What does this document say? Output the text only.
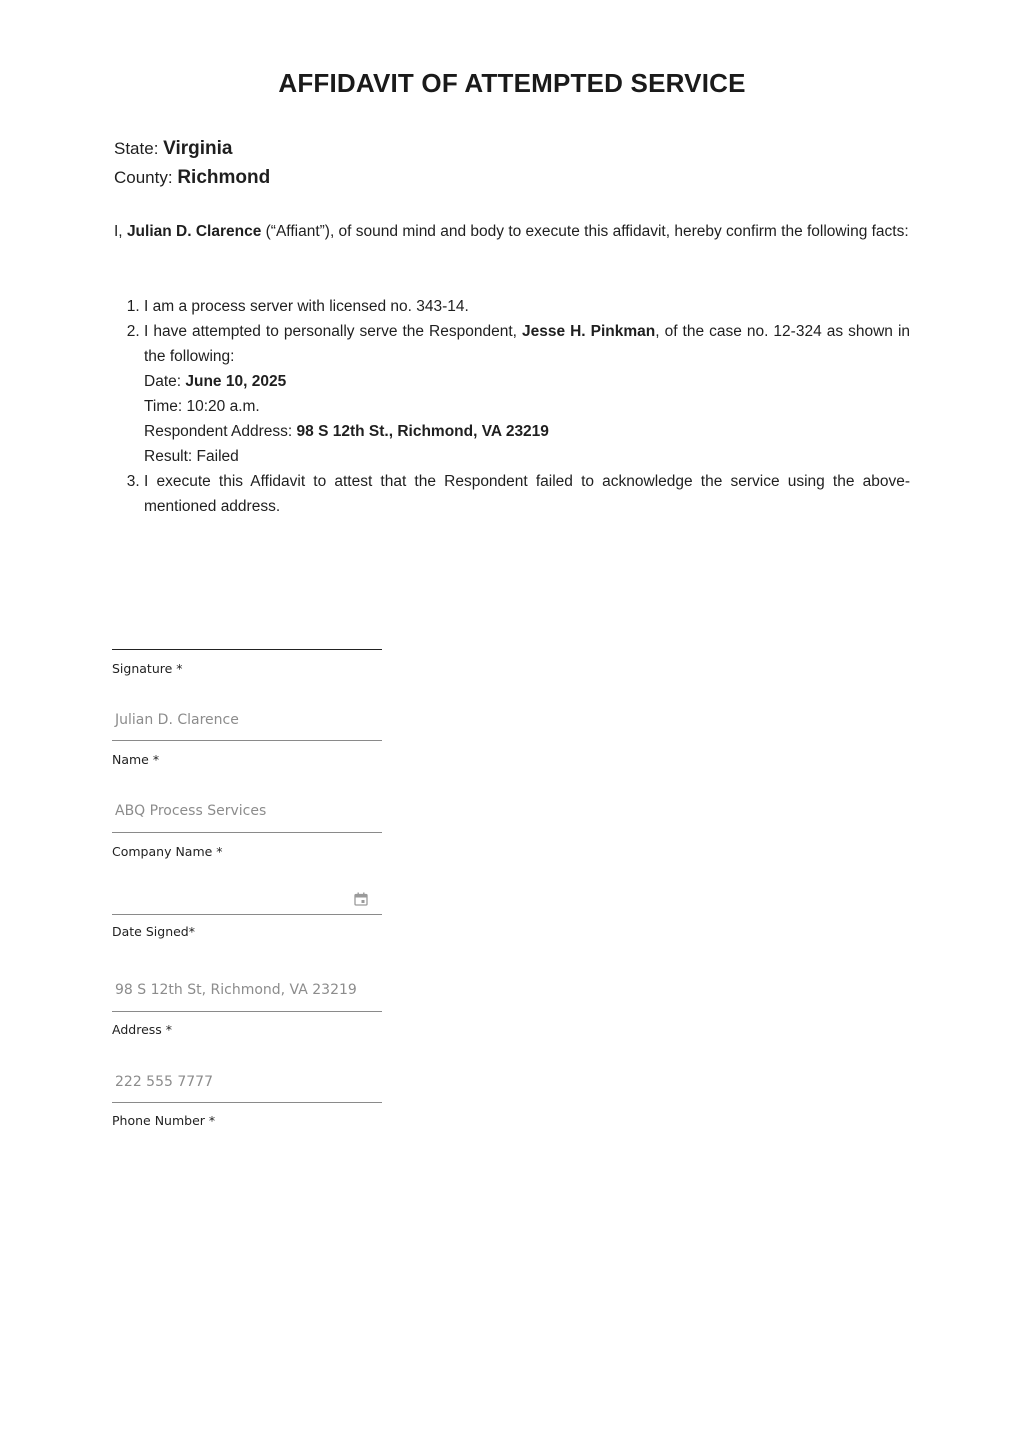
AFFIDAVIT OF ATTEMPTED SERVICE
State: Virginia
County: Richmond
I, Julian D. Clarence (“Affiant”), of sound mind and body to execute this affidavit, hereby confirm the following facts:
1. I am a process server with licensed no. 343-14.
2. I have attempted to personally serve the Respondent, Jesse H. Pinkman, of the case no. 12-324 as shown in the following:
Date: June 10, 2025
Time: 10:20 a.m.
Respondent Address: 98 S 12th St., Richmond, VA 23219
Result: Failed
3. I execute this Affidavit to attest that the Respondent failed to acknowledge the service using the above-mentioned address.
Signature *
Julian D. Clarence
Name *
ABQ Process Services
Company Name *
Date Signed*
98 S 12th St, Richmond, VA 23219
Address *
222 555 7777
Phone Number *
